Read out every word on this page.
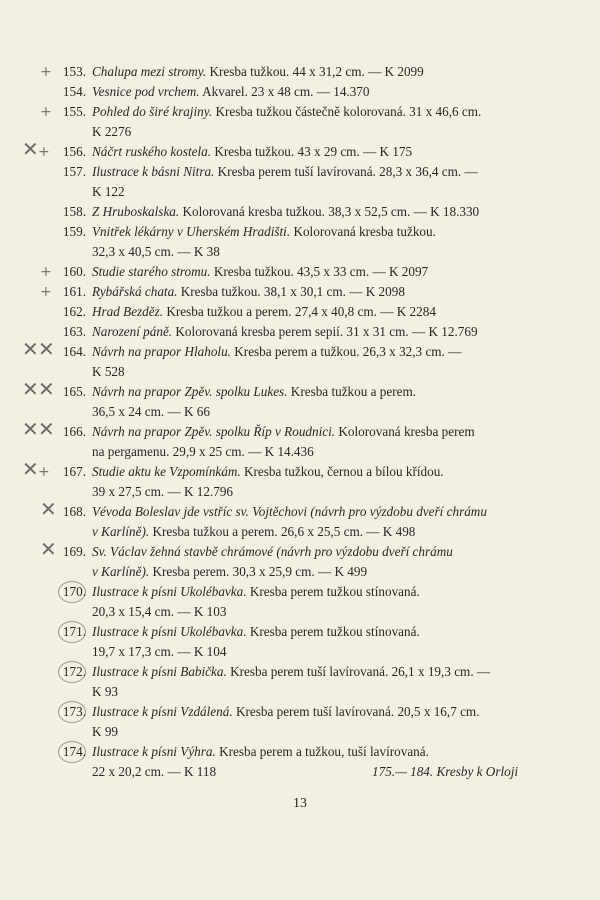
+ 153. Chalupa mezi stromy. Kresba tužkou. 44 x 31,2 cm. — K 2099
154. Vesnice pod vrchem. Akvarel. 23 x 48 cm. — 14.370
+ 155. Pohled do širé krajiny. Kresba tužkou částečně kolorovaná. 31 x 46,6 cm.
K 2276
✕ + 156. Náčrt ruského kostela. Kresba tužkou. 43 x 29 cm. — K 175
157. Ilustrace k básni Nitra. Kresba perem tuší lavírovaná. 28,3 x 36,4 cm. —
K 122
158. Z Hruboskalska. Kolorovaná kresba tužkou. 38,3 x 52,5 cm. — K 18.330
159. Vnitřek lékárny v Uherském Hradišti. Kolorovaná kresba tužkou.
32,3 x 40,5 cm. — K 38
+ 160. Studie starého stromu. Kresba tužkou. 43,5 x 33 cm. — K 2097
+ 161. Rybářská chata. Kresba tužkou. 38,1 x 30,1 cm. — K 2098
162. Hrad Bezděz. Kresba tužkou a perem. 27,4 x 40,8 cm. — K 2284
163. Narození páně. Kolorovaná kresba perem sepií. 31 x 31 cm. — K 12.769
✕ ✕ 164. Návrh na prapor Hlaholu. Kresba perem a tužkou. 26,3 x 32,3 cm. —
K 528
✕ ✕ 165. Návrh na prapor Zpěv. spolku Lukes. Kresba tužkou a perem.
36,5 x 24 cm. — K 66
✕ ✕ 166. Návrh na prapor Zpěv. spolku Říp v Roudnici. Kolorovaná kresba perem
na pergamenu. 29,9 x 25 cm. — K 14.436
✕ + 167. Studie aktu ke Vzpomínkám. Kresba tužkou, černou a bílou křídou.
39 x 27,5 cm. — K 12.796
✕ 168. Vévoda Boleslav jde vstříc sv. Vojtěchovi (návrh pro výzdobu dveří chrámu
v Karlíně). Kresba tužkou a perem. 26,6 x 25,5 cm. — K 498
✕ 169. Sv. Václav žehná stavbě chrámové (návrh pro výzdobu dveří chrámu
v Karlíně). Kresba perem. 30,3 x 25,9 cm. — K 499
170. Ilustrace k písni Ukolébavka. Kresba perem tužkou stínovaná.
20,3 x 15,4 cm. — K 103
171. Ilustrace k písni Ukolébavka. Kresba perem tužkou stínovaná.
19,7 x 17,3 cm. — K 104
172. Ilustrace k písni Babička. Kresba perem tuší lavírovaná. 26,1 x 19,3 cm. —
K 93
173. Ilustrace k písni Vzdálená. Kresba perem tuší lavírovaná. 20,5 x 16,7 cm.
K 99
174. Ilustrace k písni Výhra. Kresba perem a tužkou, tuší lavírovaná.
22 x 20,2 cm. — K 118	175.— 184. Kresby k Orloji
13
